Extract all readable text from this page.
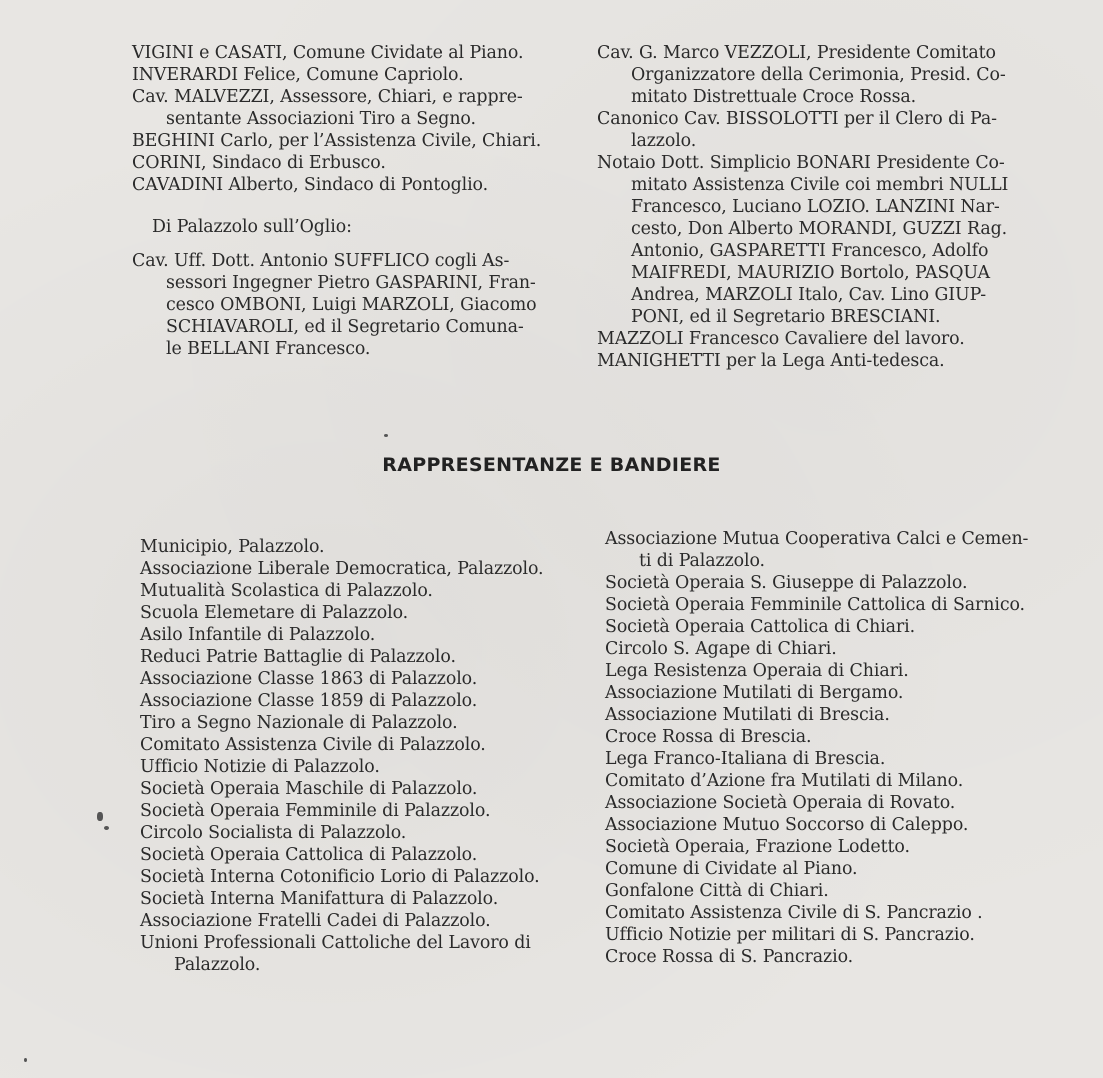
VIGINI e CASATI, Comune Cividate al Piano.
INVERARDI Felice, Comune Capriolo.
Cav. MALVEZZI, Assessore, Chiari, e rappre-
sentante Associazioni Tiro a Segno.
BEGHINI Carlo, per l’Assistenza Civile, Chiari.
CORINI, Sindaco di Erbusco.
CAVADINI Alberto, Sindaco di Pontoglio.

Di Palazzolo sull’Oglio:

Cav. Uff. Dott. Antonio SUFFLICO cogli As-
sessori Ingegner Pietro GASPARINI, Fran-
cesco OMBONI, Luigi MARZOLI, Giacomo
SCHIAVAROLI, ed il Segretario Comuna-
le BELLANI Francesco.
Cav. G. Marco VEZZOLI, Presidente Comitato
Organizzatore della Cerimonia, Presid. Co-
mitato Distrettuale Croce Rossa.
Canonico Cav. BISSOLOTTI per il Clero di Pa-
lazzolo.
Notaio Dott. Simplicio BONARI Presidente Co-
mitato Assistenza Civile coi membri NULLI
Francesco, Luciano LOZIO. LANZINI Nar-
cesto, Don Alberto MORANDI, GUZZI Rag.
Antonio, GASPARETTI Francesco, Adolfo
MAIFREDI, MAURIZIO Bortolo, PASQUA
Andrea, MARZOLI Italo, Cav. Lino GIUP-
PONI, ed il Segretario BRESCIANI.
MAZZOLI Francesco Cavaliere del lavoro.
MANIGHETTI per la Lega Anti-tedesca.
RAPPRESENTANZE E BANDIERE
Municipio, Palazzolo.
Associazione Liberale Democratica, Palazzolo.
Mutualità Scolastica di Palazzolo.
Scuola Elemetare di Palazzolo.
Asilo Infantile di Palazzolo.
Reduci Patrie Battaglie di Palazzolo.
Associazione Classe 1863 di Palazzolo.
Associazione Classe 1859 di Palazzolo.
Tiro a Segno Nazionale di Palazzolo.
Comitato Assistenza Civile di Palazzolo.
Ufficio Notizie di Palazzolo.
Società Operaia Maschile di Palazzolo.
Società Operaia Femminile di Palazzolo.
Circolo Socialista di Palazzolo.
Società Operaia Cattolica di Palazzolo.
Società Interna Cotonificio Lorio di Palazzolo.
Società Interna Manifattura di Palazzolo.
Associazione Fratelli Cadei di Palazzolo.
Unioni Professionali Cattoliche del Lavoro di
Palazzolo.
Associazione Mutua Cooperativa Calci e Cemen-
ti di Palazzolo.
Società Operaia S. Giuseppe di Palazzolo.
Società Operaia Femminile Cattolica di Sarnico.
Società Operaia Cattolica di Chiari.
Circolo S. Agape di Chiari.
Lega Resistenza Operaia di Chiari.
Associazione Mutilati di Bergamo.
Associazione Mutilati di Brescia.
Croce Rossa di Brescia.
Lega Franco-Italiana di Brescia.
Comitato d’Azione fra Mutilati di Milano.
Associazione Società Operaia di Rovato.
Associazione Mutuo Soccorso di Caleppo.
Società Operaia, Frazione Lodetto.
Comune di Cividate al Piano.
Gonfalone Città di Chiari.
Comitato Assistenza Civile di S. Pancrazio .
Ufficio Notizie per militari di S. Pancrazio.
Croce Rossa di S. Pancrazio.
